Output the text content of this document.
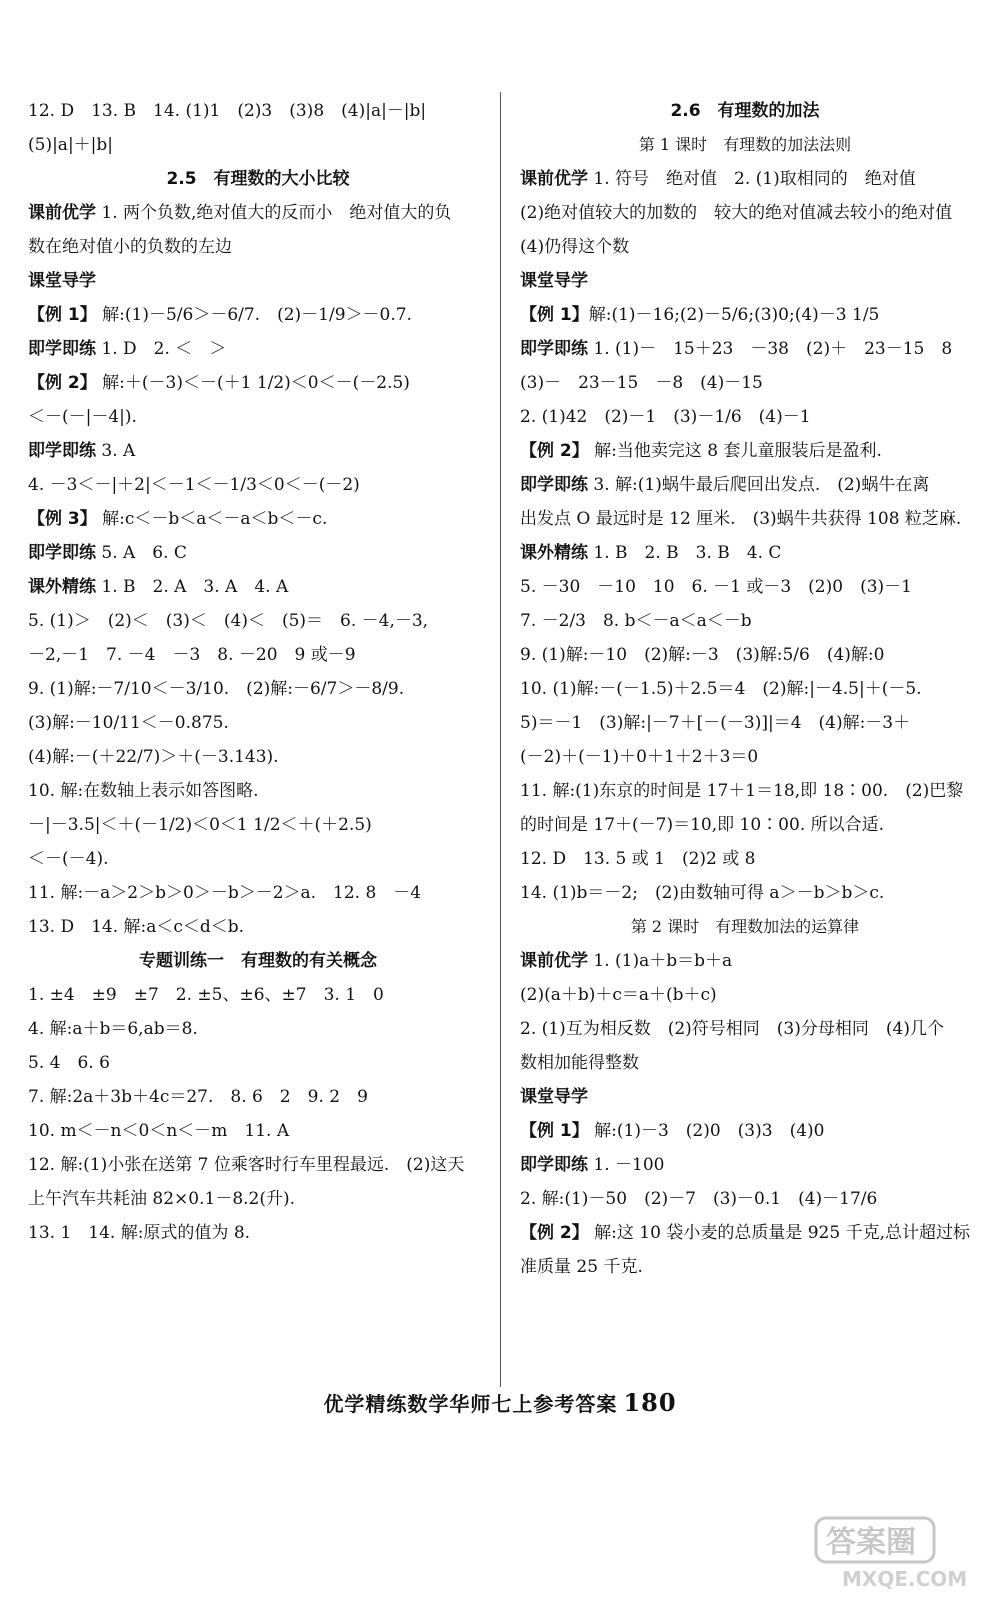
12. D　13. B　14. (1)1　(2)3　(3)8　(4)|a|－|b|
(5)|a|＋|b|
2.5　有理数的大小比较
课前优学 1. 两个负数,绝对值大的反而小　绝对值大的负
数在绝对值小的负数的左边
课堂导学
【例 1】 解:(1)－5/6＞－6/7.　(2)－1/9＞－0.7.
即学即练 1. D　2. ＜　＞
【例 2】 解:＋(－3)＜－(＋1 1/2)＜0＜－(－2.5)
＜－(－|－4|).
即学即练 3. A
4. －3＜－|＋2|＜－1＜－1/3＜0＜－(－2)
【例 3】 解:c＜－b＜a＜－a＜b＜－c.
即学即练 5. A　6. C
课外精练 1. B　2. A　3. A　4. A
5. (1)＞　(2)＜　(3)＜　(4)＜　(5)＝　6. －4,－3,
－2,－1　7. －4　－3　8. －20　9 或－9
9. (1)解:－7/10＜－3/10.　(2)解:－6/7＞－8/9.
(3)解:－10/11＜－0.875.
(4)解:－(＋22/7)＞＋(－3.143).
10. 解:在数轴上表示如答图略.
－|－3.5|＜＋(－1/2)＜0＜1 1/2＜＋(＋2.5)
＜－(－4).
11. 解:－a＞2＞b＞0＞－b＞－2＞a.　12. 8　－4
13. D　14. 解:a＜c＜d＜b.
专题训练一　有理数的有关概念
1. ±4　±9　±7　2. ±5、±6、±7　3. 1　0
4. 解:a＋b＝6,ab＝8.
5. 4　6. 6
7. 解:2a＋3b＋4c＝27.　8. 6　2　9. 2　9
10. m＜－n＜0＜n＜－m　11. A
12. 解:(1)小张在送第 7 位乘客时行车里程最远.　(2)这天
上午汽车共耗油 82×0.1－8.2(升).
13. 1　14. 解:原式的值为 8.
2.6　有理数的加法
第 1 课时　有理数的加法法则
课前优学 1. 符号　绝对值　2. (1)取相同的　绝对值
(2)绝对值较大的加数的　较大的绝对值减去较小的绝对值
(4)仍得这个数
课堂导学
【例 1】解:(1)－16;(2)－5/6;(3)0;(4)－3 1/5
即学即练 1. (1)－　15＋23　－38　(2)＋　23－15　8
(3)－　23－15　－8　(4)－15
2. (1)42　(2)－1　(3)－1/6　(4)－1
【例 2】 解:当他卖完这 8 套儿童服装后是盈利.
即学即练 3. 解:(1)蜗牛最后爬回出发点.　(2)蜗牛在离
出发点 O 最远时是 12 厘米.　(3)蜗牛共获得 108 粒芝麻.
课外精练 1. B　2. B　3. B　4. C
5. －30　－10　10　6. －1 或－3　(2)0　(3)－1
7. －2/3　8. b＜－a＜a＜－b
9. (1)解:－10　(2)解:－3　(3)解:5/6　(4)解:0
10. (1)解:－(－1.5)＋2.5＝4　(2)解:|－4.5|＋(－5.
5)＝－1　(3)解:|－7＋[－(－3)]|＝4　(4)解:－3＋
(－2)＋(－1)＋0＋1＋2＋3＝0
11. 解:(1)东京的时间是 17＋1＝18,即 18∶00.　(2)巴黎
的时间是 17＋(－7)＝10,即 10∶00. 所以合适.
12. D　13. 5 或 1　(2)2 或 8
14. (1)b＝－2;　(2)由数轴可得 a＞－b＞b＞c.
第 2 课时　有理数加法的运算律
课前优学 1. (1)a＋b＝b＋a
(2)(a＋b)＋c＝a＋(b＋c)
2. (1)互为相反数　(2)符号相同　(3)分母相同　(4)几个
数相加能得整数
课堂导学
【例 1】 解:(1)－3　(2)0　(3)3　(4)0
即学即练 1. －100
2. 解:(1)－50　(2)－7　(3)－0.1　(4)－17/6
【例 2】 解:这 10 袋小麦的总质量是 925 千克,总计超过标
准质量 25 千克.
优学精练数学华师七上参考答案 180
答案圈
MXQE.COM
